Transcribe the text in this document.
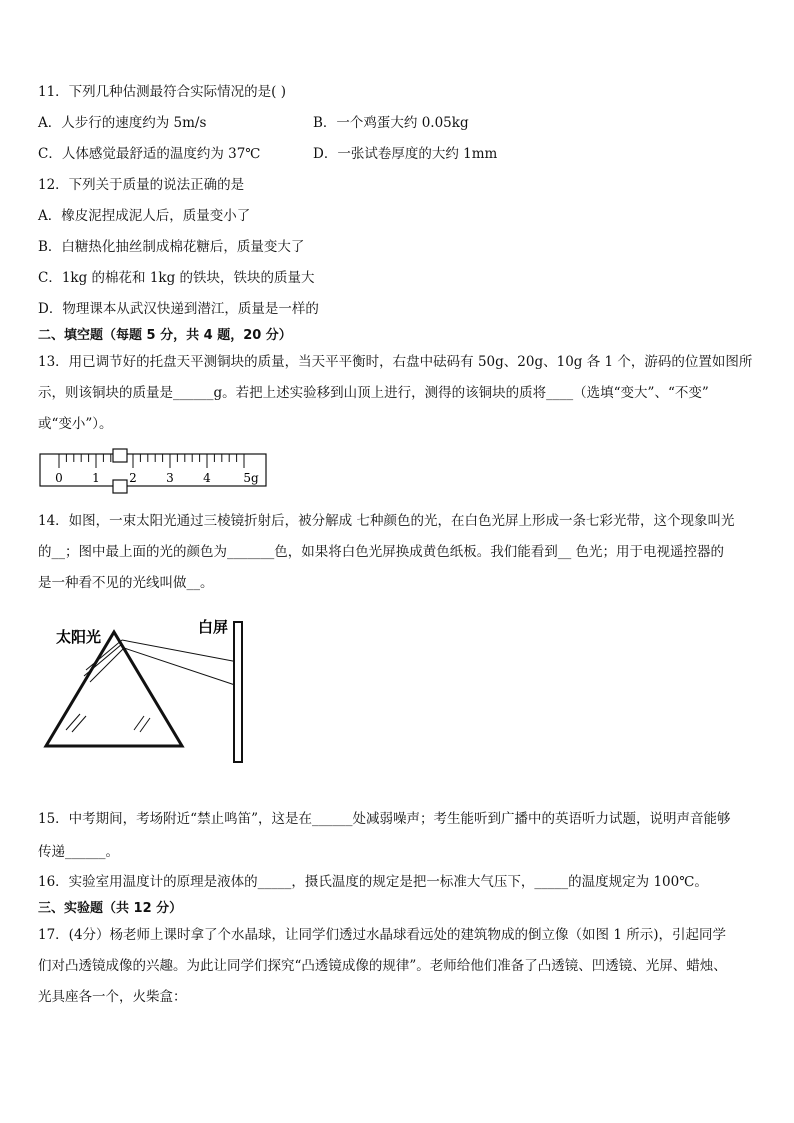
11．下列几种估测最符合实际情况的是( )
A．人步行的速度约为 5m/s	B．一个鸡蛋大约 0.05kg
C．人体感觉最舒适的温度约为 37℃	D．一张试卷厚度的大约 1mm
12．下列关于质量的说法正确的是
A．橡皮泥捏成泥人后，质量变小了
B．白糖热化抽丝制成棉花糖后，质量变大了
C．1kg 的棉花和 1kg 的铁块，铁块的质量大
D．物理课本从武汉快递到潜江，质量是一样的
二、填空题（每题 5 分，共 4 题，20 分）
13．用已调节好的托盘天平测铜块的质量，当天平平衡时，右盘中砝码有 50g、20g、10g 各 1 个，游码的位置如图所
示，则该铜块的质量是______g。若把上述实验移到山顶上进行，测得的该铜块的质将____（选填“变大”、“不变”
或“变小”）。
0 1 2 3 4	5g
14．如图，一束太阳光通过三棱镜折射后，被分解成 七种颜色的光，在白色光屏上形成一条七彩光带，这个现象叫光
的__；图中最上面的光的颜色为_______色，如果将白色光屏换成黄色纸板。我们能看到__ 色光；用于电视遥控器的
是一种看不见的光线叫做__。
太阳光
白屏
15．中考期间，考场附近“禁止鸣笛”，这是在______处减弱噪声；考生能听到广播中的英语听力试题，说明声音能够
传递______。
16．实验室用温度计的原理是液体的_____，摄氏温度的规定是把一标准大气压下，_____的温度规定为 100℃。
三、实验题（共 12 分）
17．(4分）杨老师上课时拿了个水晶球，让同学们透过水晶球看远处的建筑物成的倒立像（如图 1 所示)，引起同学
们对凸透镜成像的兴趣。为此让同学们探究“凸透镜成像的规律”。老师给他们准备了凸透镜、凹透镜、光屏、蜡烛、
光具座各一个，火柴盒：
